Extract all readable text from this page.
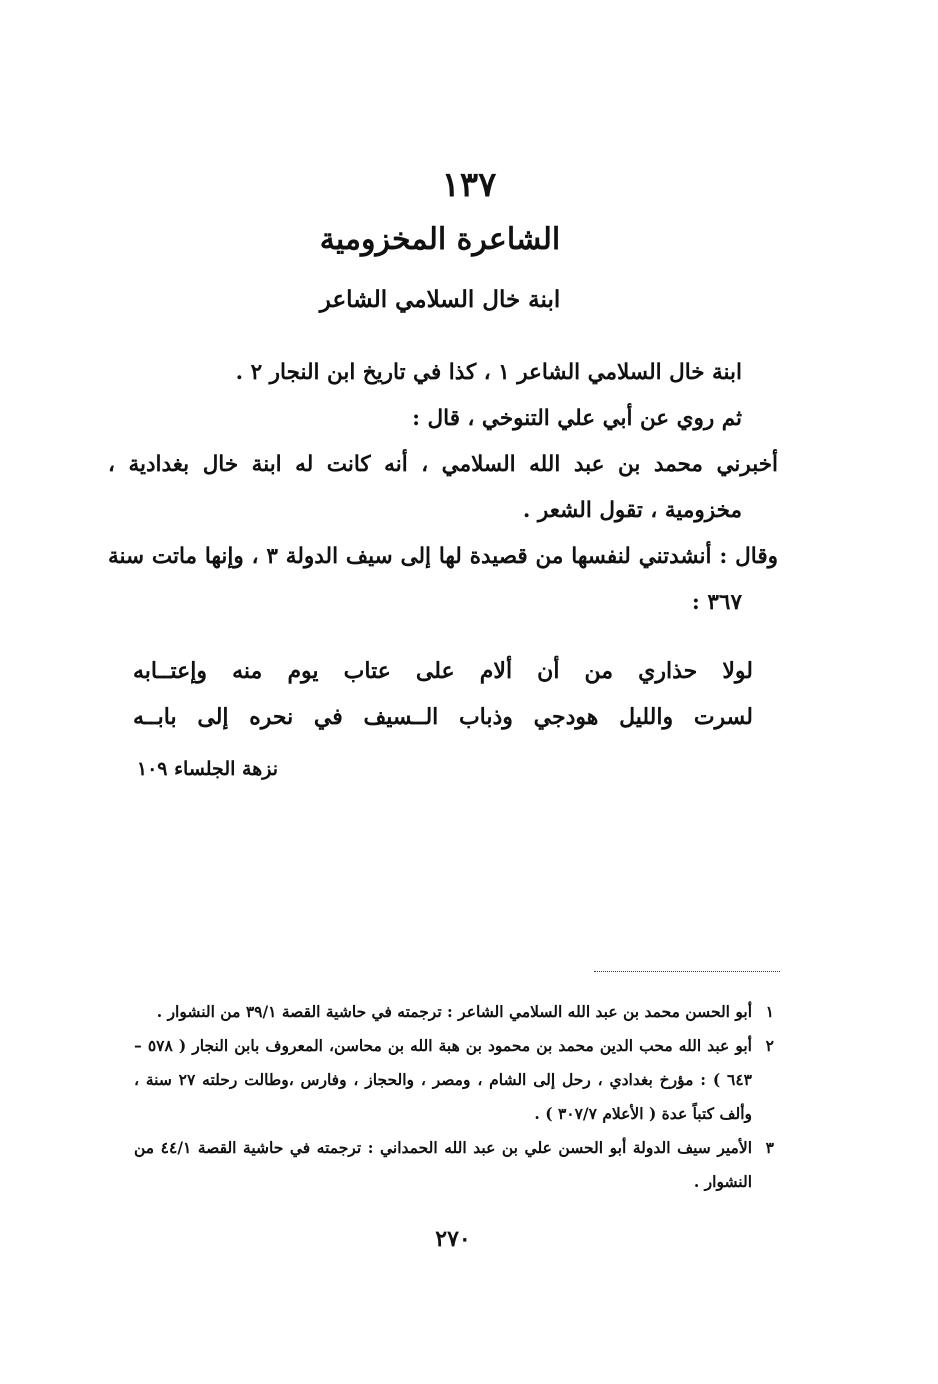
١٣٧
الشاعرة المخزومية
ابنة خال السلامي الشاعر

ابنة خال السلامي الشاعر ١ ، كذا في تاريخ ابن النجار ٢ .

ثم روي عن أبي علي التنوخي ، قال :

أخبرني محمد بن عبد الله السلامي ، أنه كانت له ابنة خال بغدادية ، مخزومية ، تقول الشعر .

وقال : أنشدتني لنفسها من قصيدة لها إلى سيف الدولة ٣ ، وإنها ماتت سنة ٣٦٧ :

لولا حذاري من أن ألام على عتاب يوم منه وإعتــابه
لسرت والليل هودجي وذباب الــسيف في نحره إلى بابــه
نزهة الجلساء ١٠٩
١
أبو الحسن محمد بن عبد الله السلامي الشاعر : ترجمته في حاشية القصة ٣٩/١ من النشوار .
٢
أبو عبد الله محب الدين محمد بن محمود بن هبة الله بن محاسن، المعروف بابن النجار ( ٥٧٨ – ٦٤٣ ) : مؤرخ بغدادي ، رحل إلى الشام ، ومصر ، والحجاز ، وفارس ،وطالت رحلته ٢٧ سنة ، وألف كتباً عدة ( الأعلام ٣٠٧/٧ ) .
٣
الأمير سيف الدولة أبو الحسن علي بن عبد الله الحمداني : ترجمته في حاشية القصة ٤٤/١ من النشوار .
٢٧٠
